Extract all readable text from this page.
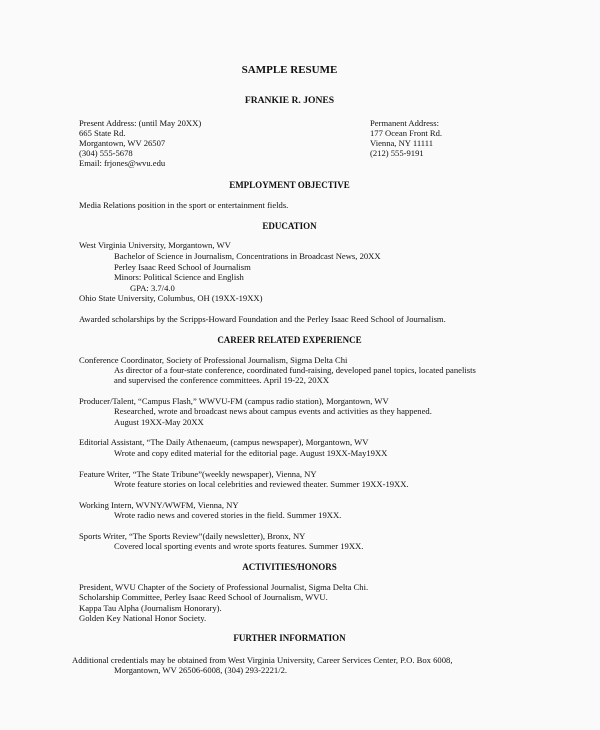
SAMPLE RESUME
FRANKIE R. JONES
Present Address: (until May 20XX)
665 State Rd.
Morgantown, WV 26507
(304) 555-5678
Email: frjones@wvu.edu
Permanent Address:
177 Ocean Front Rd.
Vienna, NY 11111
(212) 555-9191
EMPLOYMENT OBJECTIVE
Media Relations position in the sport or entertainment fields.
EDUCATION
West Virginia University, Morgantown, WV
Bachelor of Science in Journalism, Concentrations in Broadcast News, 20XX
Perley Isaac Reed School of Journalism
Minors: Political Science and English
GPA: 3.7/4.0
Ohio State University, Columbus, OH (19XX-19XX)
Awarded scholarships by the Scripps-Howard Foundation and the Perley Isaac Reed School of Journalism.
CAREER RELATED EXPERIENCE
Conference Coordinator, Society of Professional Journalism, Sigma Delta Chi
As director of a four-state conference, coordinated fund-raising, developed panel topics, located panelists
and supervised the conference committees. April 19-22, 20XX
Producer/Talent, “Campus Flash,” WWVU-FM (campus radio station), Morgantown, WV
Researched, wrote and broadcast news about campus events and activities as they happened.
August 19XX-May 20XX
Editorial Assistant, “The Daily Athenaeum, (campus newspaper), Morgantown, WV
Wrote and copy edited material for the editorial page. August 19XX-May19XX
Feature Writer, “The State Tribune”(weekly newspaper), Vienna, NY
Wrote feature stories on local celebrities and reviewed theater. Summer 19XX-19XX.
Working Intern, WVNY/WWFM, Vienna, NY
Wrote radio news and covered stories in the field. Summer 19XX.
Sports Writer, “The Sports Review”(daily newsletter), Bronx, NY
Covered local sporting events and wrote sports features. Summer 19XX.
ACTIVITIES/HONORS
President, WVU Chapter of the Society of Professional Journalist, Sigma Delta Chi.
Scholarship Committee, Perley Isaac Reed School of Journalism, WVU.
Kappa Tau Alpha (Journalism Honorary).
Golden Key National Honor Society.
FURTHER INFORMATION
Additional credentials may be obtained from West Virginia University, Career Services Center, P.O. Box 6008,
Morgantown, WV 26506-6008, (304) 293-2221/2.
